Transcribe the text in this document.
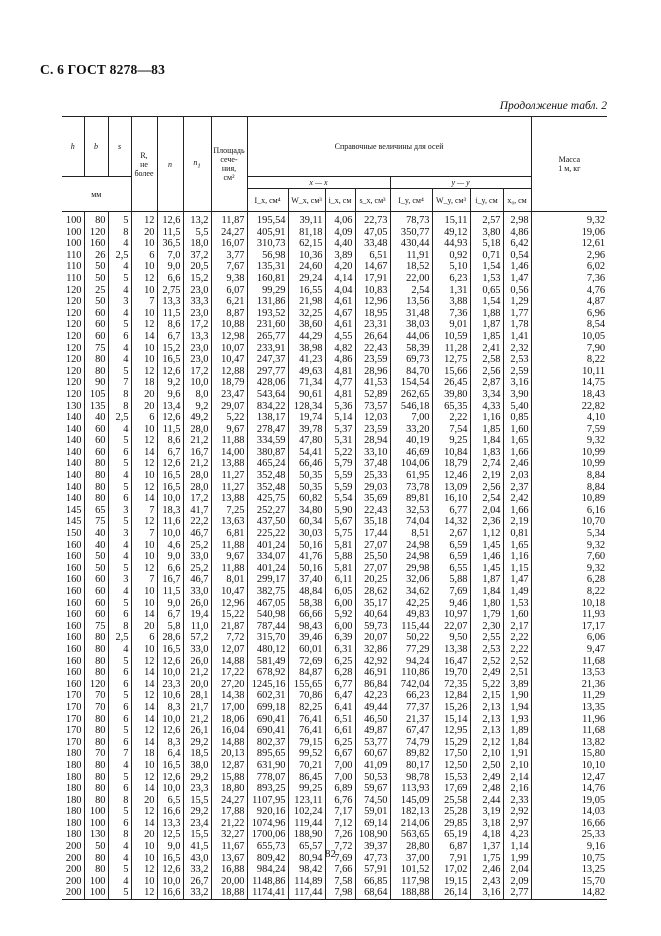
С. 6 ГОСТ 8278—83
Продолжение табл. 2
h	b	s	R,
не
более	n	$n_1$	Площадь
сече-
ния,
см²	Справочные величины для осей								Масса
1 м, кг
мм							x — x				y — y				
							I_x, см⁴	W_x, см³	i_x, см	s_x, см³	I_y, см⁴	W_y, см³	i_y, см	x₀, см	
100	80	5	12	12,6	13,2	11,87	195,54	39,11	4,06	22,73	78,73	15,11	2,57	2,98	9,32
100	120	8	20	11,5	5,5	24,27	405,91	81,18	4,09	47,05	350,77	49,12	3,80	4,86	19,06
100	160	4	10	36,5	18,0	16,07	310,73	62,15	4,40	33,48	430,44	44,93	5,18	6,42	12,61
110	26	2,5	6	7,0	37,2	3,77	56,98	10,36	3,89	6,51	11,91	0,92	0,71	0,54	2,96
110	50	4	10	9,0	20,5	7,67	135,31	24,60	4,20	14,67	18,52	5,10	1,54	1,46	6,02
110	50	5	12	6,6	15,2	9,38	160,81	29,24	4,14	17,91	22,00	6,23	1,53	1,47	7,36
120	25	4	10	2,75	23,0	6,07	99,29	16,55	4,04	10,83	2,54	1,31	0,65	0,56	4,76
120	50	3	7	13,3	33,3	6,21	131,86	21,98	4,61	12,96	13,56	3,88	1,54	1,29	4,87
120	60	4	10	11,5	23,0	8,87	193,52	32,25	4,67	18,95	31,48	7,36	1,88	1,77	6,96
120	60	5	12	8,6	17,2	10,88	231,60	38,60	4,61	23,31	38,03	9,01	1,87	1,78	8,54
120	60	6	14	6,7	13,3	12,98	265,77	44,29	4,55	26,64	44,06	10,59	1,85	1,41	10,05
120	75	4	10	15,2	23,0	10,07	233,91	38,98	4,82	22,43	58,39	11,28	2,41	2,32	7,90
120	80	4	10	16,5	23,0	10,47	247,37	41,23	4,86	23,59	69,73	12,75	2,58	2,53	8,22
120	80	5	12	12,6	17,2	12,88	297,77	49,63	4,81	28,96	84,70	15,66	2,56	2,59	10,11
120	90	7	18	9,2	10,0	18,79	428,06	71,34	4,77	41,53	154,54	26,45	2,87	3,16	14,75
120	105	8	20	9,6	8,0	23,47	543,64	90,61	4,81	52,89	262,65	39,80	3,34	3,90	18,43
130	135	8	20	13,4	9,2	29,07	834,22	128,34	5,36	73,57	546,18	65,35	4,33	5,40	22,82
140	40	2,5	6	12,6	49,2	5,22	138,17	19,74	5,14	12,03	7,00	2,22	1,16	0,85	4,10
140	60	4	10	11,5	28,0	9,67	278,47	39,78	5,37	23,59	33,20	7,54	1,85	1,60	7,59
140	60	5	12	8,6	21,2	11,88	334,59	47,80	5,31	28,94	40,19	9,25	1,84	1,65	9,32
140	60	6	14	6,7	16,7	14,00	380,87	54,41	5,22	33,10	46,69	10,84	1,83	1,66	10,99
140	80	5	12	12,6	21,2	13,88	465,24	66,46	5,79	37,48	104,06	18,79	2,74	2,46	10,99
140	80	4	10	16,5	28,0	11,27	352,48	50,35	5,59	25,33	61,95	12,46	2,19	2,03	8,84
140	80	5	12	16,5	28,0	11,27	352,48	50,35	5,59	29,03	73,78	13,09	2,56	2,37	8,84
140	80	6	14	10,0	17,2	13,88	425,75	60,82	5,54	35,69	89,81	16,10	2,54	2,42	10,89
145	65	3	7	18,3	41,7	7,25	252,27	34,80	5,90	22,43	32,53	6,77	2,04	1,66	6,16
145	75	5	12	11,6	22,2	13,63	437,50	60,34	5,67	35,18	74,04	14,32	2,36	2,19	10,70
150	40	3	7	10,0	46,7	6,81	225,22	30,03	5,75	17,44	8,51	2,67	1,12	0,81	5,34
160	40	4	10	4,6	25,2	11,88	401,24	50,16	5,81	27,07	24,98	6,59	1,45	1,65	9,32
160	50	4	10	9,0	33,0	9,67	334,07	41,76	5,88	25,50	24,98	6,59	1,46	1,16	7,60
160	50	5	12	6,6	25,2	11,88	401,24	50,16	5,81	27,07	29,98	6,55	1,45	1,15	9,32
160	60	3	7	16,7	46,7	8,01	299,17	37,40	6,11	20,25	32,06	5,88	1,87	1,47	6,28
160	60	4	10	11,5	33,0	10,47	382,75	48,84	6,05	28,62	34,62	7,69	1,84	1,49	8,22
160	60	5	10	9,0	26,0	12,96	467,05	58,38	6,00	35,17	42,25	9,46	1,80	1,53	10,18
160	60	6	14	6,7	19,4	15,22	540,98	66,66	5,92	40,64	49,83	10,97	1,79	1,60	11,93
160	75	8	20	5,8	11,0	21,87	787,44	98,43	6,00	59,73	115,44	22,07	2,30	2,17	17,17
160	80	2,5	6	28,6	57,2	7,72	315,70	39,46	6,39	20,07	50,22	9,50	2,55	2,22	6,06
160	80	4	10	16,5	33,0	12,07	480,12	60,01	6,31	32,86	77,29	13,38	2,53	2,22	9,47
160	80	5	12	12,6	26,0	14,88	581,49	72,69	6,25	42,92	94,24	16,47	2,52	2,52	11,68
160	80	6	14	10,0	21,2	17,22	678,92	84,87	6,28	46,91	110,86	19,70	2,49	2,51	13,53
160	120	6	14	23,3	20,0	27,20	1245,16	155,65	6,77	86,84	742,04	72,35	5,22	3,89	21,36
170	70	5	12	10,6	28,1	14,38	602,31	70,86	6,47	42,23	66,23	12,84	2,15	1,90	11,29
170	70	6	14	8,3	21,7	17,00	699,18	82,25	6,41	49,44	77,37	15,26	2,13	1,94	13,35
170	80	6	14	10,0	21,2	18,06	690,41	76,41	6,51	46,50	21,37	15,14	2,13	1,93	11,96
170	80	5	12	12,6	26,1	16,04	690,41	76,41	6,61	49,87	67,47	12,95	2,13	1,89	11,68
170	80	6	14	8,3	29,2	14,88	802,37	79,15	6,25	53,77	74,79	15,29	2,12	1,84	13,82
180	70	7	18	6,4	18,5	20,13	895,65	99,52	6,67	60,67	89,82	17,50	2,10	1,91	15,80
180	80	4	10	16,5	38,0	12,87	631,90	70,21	7,00	41,09	80,17	12,50	2,50	2,10	10,10
180	80	5	12	12,6	29,2	15,88	778,07	86,45	7,00	50,53	98,78	15,53	2,49	2,14	12,47
180	80	6	14	10,0	23,3	18,80	893,25	99,25	6,89	59,67	113,93	17,69	2,48	2,16	14,76
180	80	8	20	6,5	15,5	24,27	1107,95	123,11	6,76	74,50	145,09	25,58	2,44	2,33	19,05
180	100	5	12	16,6	29,2	17,88	920,16	102,24	7,17	59,01	182,13	25,28	3,19	2,92	14,03
180	100	6	14	13,3	23,4	21,22	1074,96	119,44	7,12	69,14	214,06	29,85	3,18	2,97	16,66
180	130	8	20	12,5	15,5	32,27	1700,06	188,90	7,26	108,90	563,65	65,19	4,18	4,23	25,33
200	50	4	10	9,0	41,5	11,67	655,73	65,57	7,72	39,37	28,80	6,87	1,37	1,14	9,16
200	80	4	10	16,5	43,0	13,67	809,42	80,94	7,69	47,73	37,00	7,91	1,75	1,99	10,75
200	80	5	12	12,6	33,2	16,88	984,24	98,42	7,66	57,91	101,52	17,02	2,46	2,04	13,25
200	100	4	10	10,0	26,7	20,00	1148,86	114,89	7,58	66,85	117,98	19,15	2,43	2,09	15,70
200	100	5	12	16,6	33,2	18,88	1174,41	117,44	7,98	68,64	188,88	26,14	3,16	2,77	14,82
82
